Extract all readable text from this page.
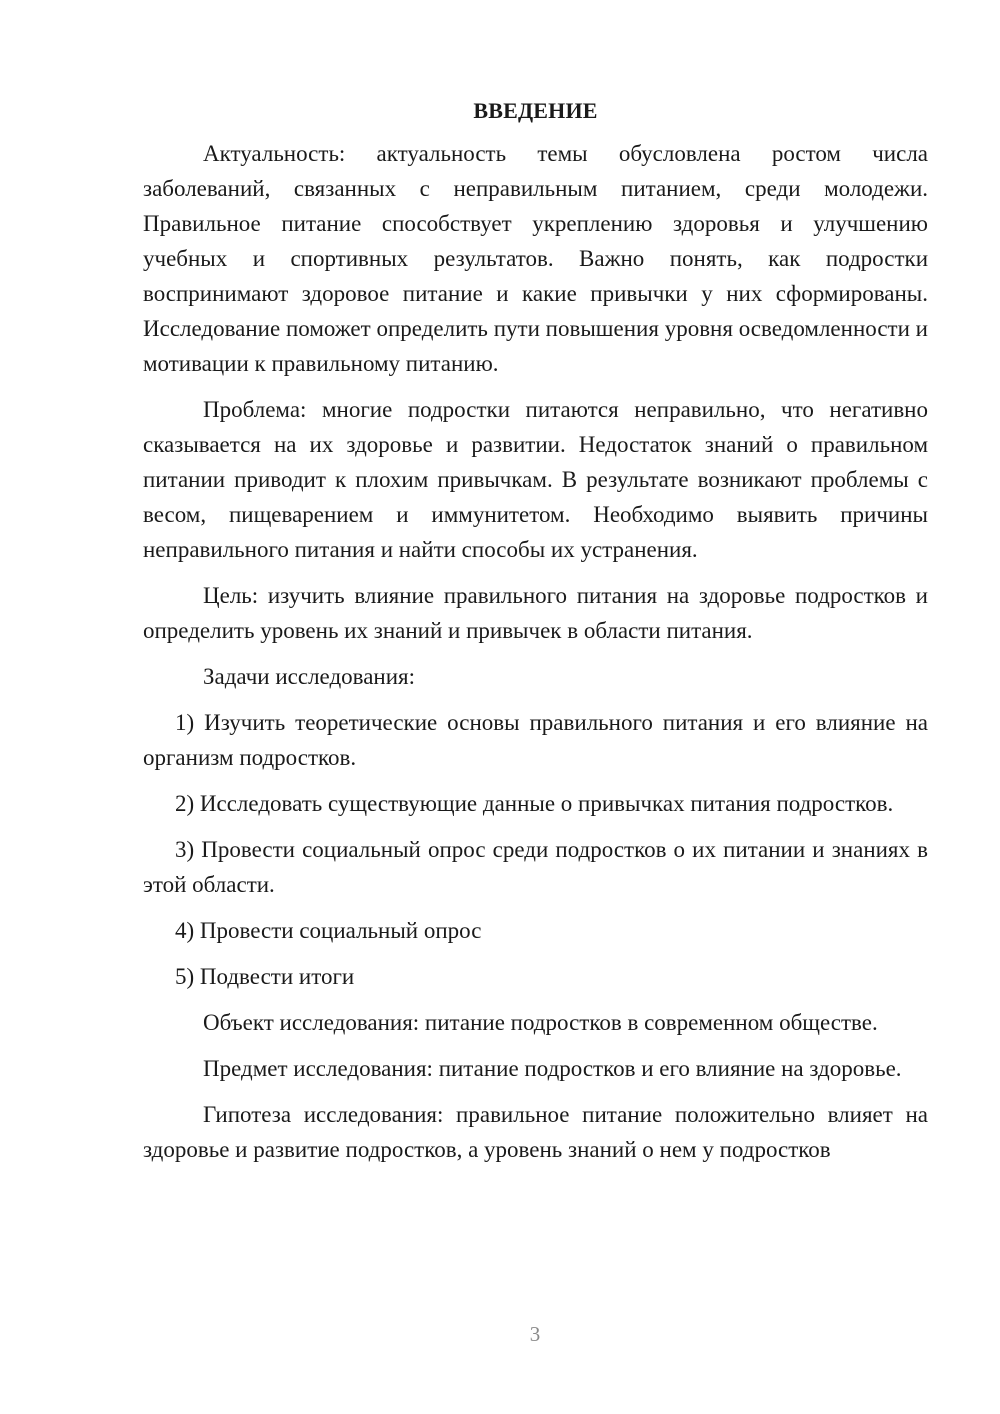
ВВЕДЕНИЕ

Актуальность: актуальность темы обусловлена ростом числа заболеваний, связанных с неправильным питанием, среди молодежи. Правильное питание способствует укреплению здоровья и улучшению учебных и спортивных результатов. Важно понять, как подростки воспринимают здоровое питание и какие привычки у них сформированы. Исследование поможет определить пути повышения уровня осведомленности и мотивации к правильному питанию.

Проблема: многие подростки питаются неправильно, что негативно сказывается на их здоровье и развитии. Недостаток знаний о правильном питании приводит к плохим привычкам. В результате возникают проблемы с весом, пищеварением и иммунитетом. Необходимо выявить причины неправильного питания и найти способы их устранения.

Цель: изучить влияние правильного питания на здоровье подростков и определить уровень их знаний и привычек в области питания.

Задачи исследования:

1) Изучить теоретические основы правильного питания и его влияние на организм подростков.

2) Исследовать существующие данные о привычках питания подростков.

3) Провести социальный опрос среди подростков о их питании и знаниях в этой области.

4) Провести социальный опрос

5) Подвести итоги

Объект исследования: питание подростков в современном обществе.

Предмет исследования: питание подростков и его влияние на здоровье.

Гипотеза исследования: правильное питание положительно влияет на здоровье и развитие подростков, а уровень знаний о нем у подростков

3
